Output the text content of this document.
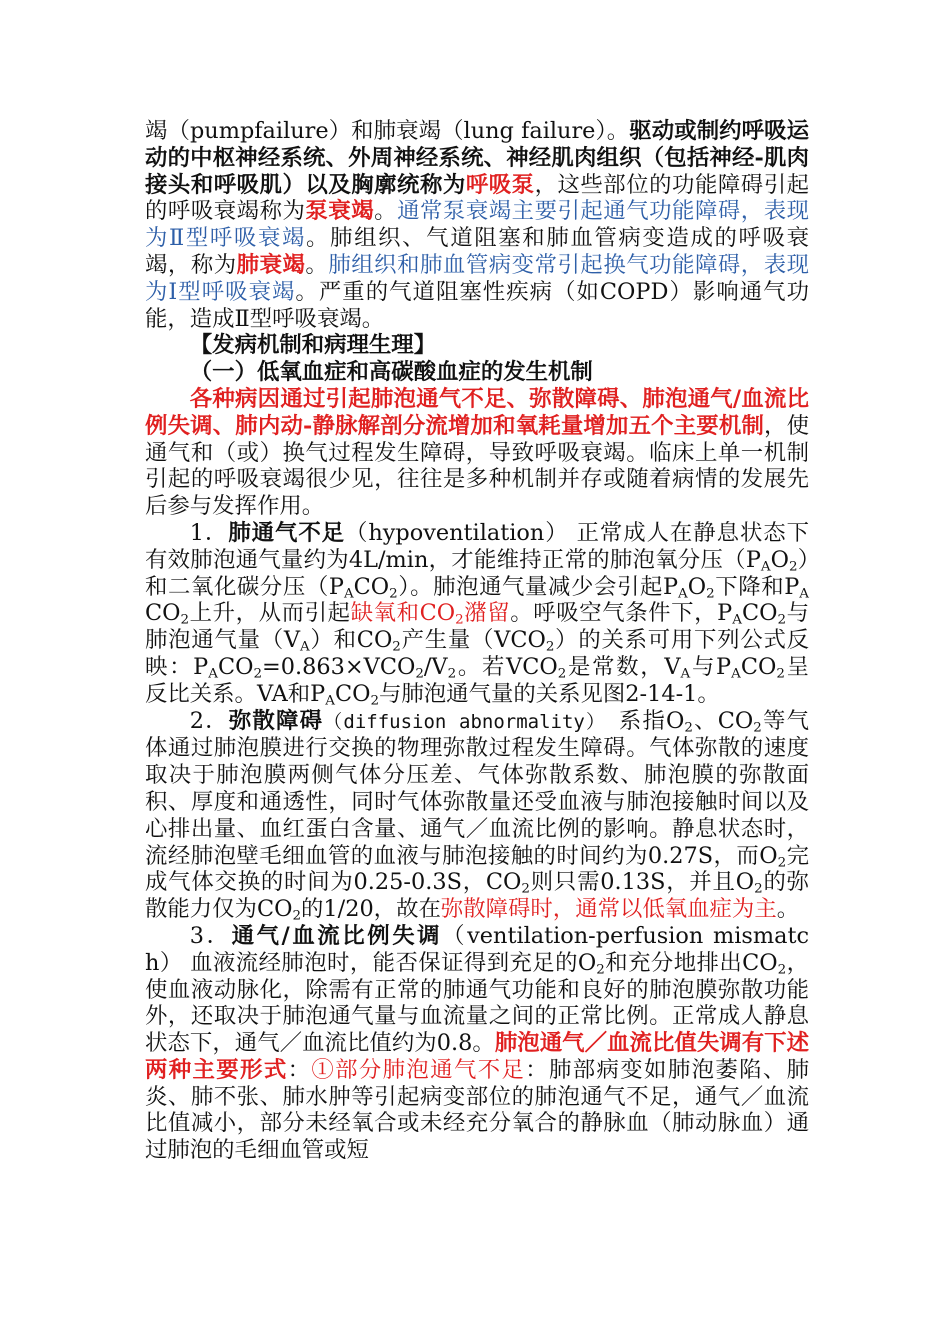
竭（pumpfailure）和肺衰竭（lung failure）。驱动或制约呼吸运动的中枢神经系统、外周神经系统、神经肌肉组织（包括神经-肌肉接头和呼吸肌）以及胸廓统称为呼吸泵，这些部位的功能障碍引起的呼吸衰竭称为泵衰竭。通常泵衰竭主要引起通气功能障碍，表现为Ⅱ型呼吸衰竭。肺组织、气道阻塞和肺血管病变造成的呼吸衰竭，称为肺衰竭。肺组织和肺血管病变常引起换气功能障碍，表现为Ⅰ型呼吸衰竭。严重的气道阻塞性疾病（如COPD）影响通气功能，造成Ⅱ型呼吸衰竭。

【发病机制和病理生理】

（一）低氧血症和高碳酸血症的发生机制

各种病因通过引起肺泡通气不足、弥散障碍、肺泡通气/血流比例失调、肺内动-静脉解剖分流增加和氧耗量增加五个主要机制，使通气和（或）换气过程发生障碍，导致呼吸衰竭。临床上单一机制引起的呼吸衰竭很少见，往往是多种机制并存或随着病情的发展先后参与发挥作用。

1．肺通气不足（hypoventilation） 正常成人在静息状态下有效肺泡通气量约为4L/min，才能维持正常的肺泡氧分压$(P_AO_2)$和二氧化碳分压$(P_ACO_2)$。肺泡通气量减少会引起$P_AO_2$下降和$P_ACO_2$上升，从而引起缺氧和$CO_2$潴留。呼吸空气条件下，$P_ACO_2$与肺泡通气量$(V_A)$和$CO_2$产生量$(VCO_2)$的关系可用下列公式反映：$P_ACO_2=0.863\times VCO_2/V_2$。若$VCO_2$是常数，$V_A$与$P_ACO_2$呈反比关系。VA和$P_ACO_2$与肺泡通气量的关系见图2-14-1。

2．弥散障碍（diffusion abnormality） 系指$O_2$、$CO_2$等气体通过肺泡膜进行交换的物理弥散过程发生障碍。气体弥散的速度取决于肺泡膜两侧气体分压差、气体弥散系数、肺泡膜的弥散面积、厚度和通透性，同时气体弥散量还受血液与肺泡接触时间以及心排出量、血红蛋白含量、通气／血流比例的影响。静息状态时，流经肺泡壁毛细血管的血液与肺泡接触的时间约为0.27S，而$O_2$完成气体交换的时间为0.25-0.3S，$CO_2$则只需0.13S，并且$O_2$的弥散能力仅为$CO_2$的1/20，故在弥散障碍时，通常以低氧血症为主。

3．通气/血流比例失调（ventilation-perfusion mismatch） 血液流经肺泡时，能否保证得到充足的$O_2$和充分地排出$CO_2$，使血液动脉化，除需有正常的肺通气功能和良好的肺泡膜弥散功能外，还取决于肺泡通气量与血流量之间的正常比例。正常成人静息状态下，通气／血流比值约为0.8。肺泡通气／血流比值失调有下述两种主要形式：①部分肺泡通气不足：肺部病变如肺泡萎陷、肺炎、肺不张、肺水肿等引起病变部位的肺泡通气不足，通气／血流比值减小，部分未经氧合或未经充分氧合的静脉血（肺动脉血）通过肺泡的毛细血管或短
